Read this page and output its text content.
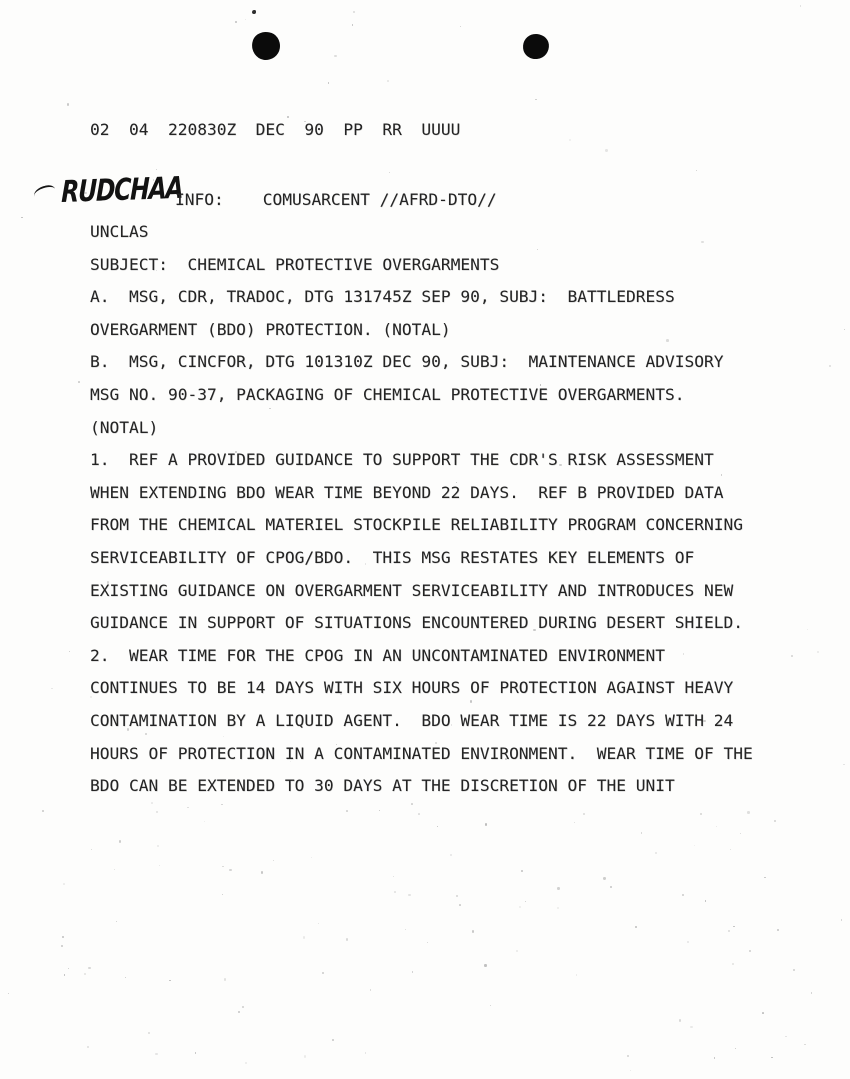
02  04  220830Z  DEC  90  PP  RR  UUUU
RUDCHAA
INFO:    COMUSARCENT //AFRD-DTO//
UNCLAS
SUBJECT:  CHEMICAL PROTECTIVE OVERGARMENTS
A.  MSG, CDR, TRADOC, DTG 131745Z SEP 90, SUBJ:  BATTLEDRESS
OVERGARMENT (BDO) PROTECTION. (NOTAL)
B.  MSG, CINCFOR, DTG 101310Z DEC 90, SUBJ:  MAINTENANCE ADVISORY
MSG NO. 90-37, PACKAGING OF CHEMICAL PROTECTIVE OVERGARMENTS.
(NOTAL)
1.  REF A PROVIDED GUIDANCE TO SUPPORT THE CDR'S RISK ASSESSMENT
WHEN EXTENDING BDO WEAR TIME BEYOND 22 DAYS.  REF B PROVIDED DATA
FROM THE CHEMICAL MATERIEL STOCKPILE RELIABILITY PROGRAM CONCERNING
SERVICEABILITY OF CPOG/BDO.  THIS MSG RESTATES KEY ELEMENTS OF
EXISTING GUIDANCE ON OVERGARMENT SERVICEABILITY AND INTRODUCES NEW
GUIDANCE IN SUPPORT OF SITUATIONS ENCOUNTERED DURING DESERT SHIELD.
2.  WEAR TIME FOR THE CPOG IN AN UNCONTAMINATED ENVIRONMENT
CONTINUES TO BE 14 DAYS WITH SIX HOURS OF PROTECTION AGAINST HEAVY
CONTAMINATION BY A LIQUID AGENT.  BDO WEAR TIME IS 22 DAYS WITH 24
HOURS OF PROTECTION IN A CONTAMINATED ENVIRONMENT.  WEAR TIME OF THE
BDO CAN BE EXTENDED TO 30 DAYS AT THE DISCRETION OF THE UNIT
